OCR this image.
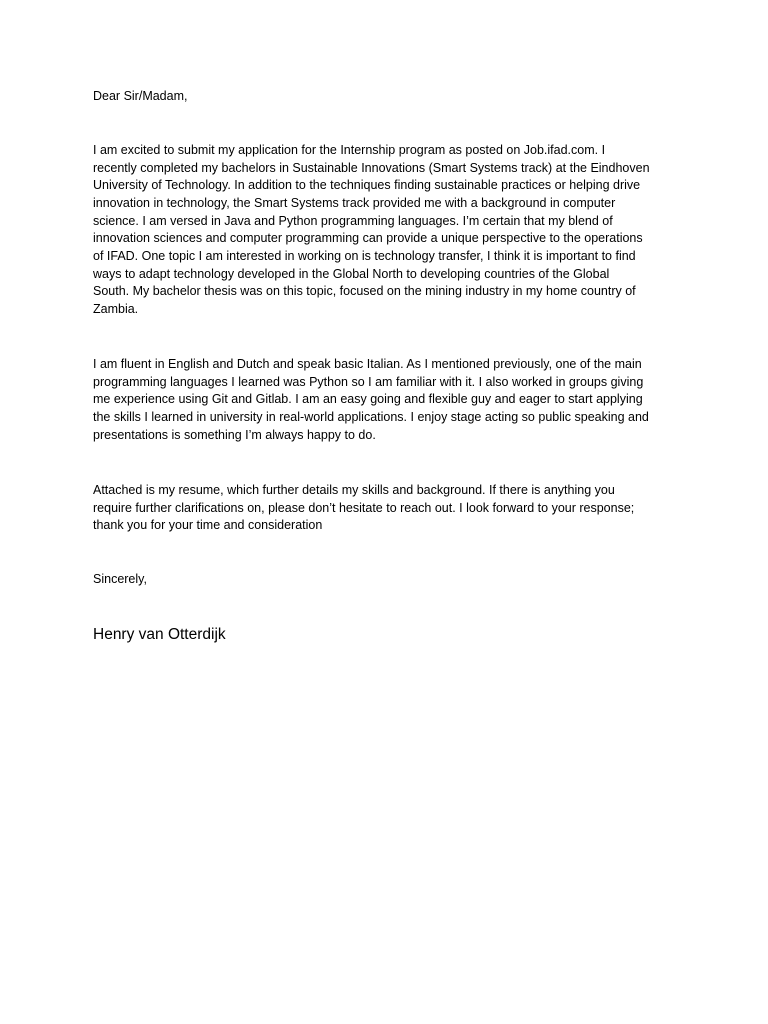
Dear Sir/Madam,

I am excited to submit my application for the Internship program as posted on Job.ifad.com. I
recently completed my bachelors in Sustainable Innovations (Smart Systems track) at the Eindhoven
University of Technology. In addition to the techniques finding sustainable practices or helping drive
innovation in technology, the Smart Systems track provided me with a background in computer
science. I am versed in Java and Python programming languages. I’m certain that my blend of
innovation sciences and computer programming can provide a unique perspective to the operations
of IFAD. One topic I am interested in working on is technology transfer, I think it is important to find
ways to adapt technology developed in the Global North to developing countries of the Global
South. My bachelor thesis was on this topic, focused on the mining industry in my home country of
Zambia.

I am fluent in English and Dutch and speak basic Italian. As I mentioned previously, one of the main
programming languages I learned was Python so I am familiar with it. I also worked in groups giving
me experience using Git and Gitlab. I am an easy going and flexible guy and eager to start applying
the skills I learned in university in real-world applications. I enjoy stage acting so public speaking and
presentations is something I’m always happy to do.

Attached is my resume, which further details my skills and background. If there is anything you
require further clarifications on, please don’t hesitate to reach out. I look forward to your response;
thank you for your time and consideration

Sincerely,

Henry van Otterdijk
